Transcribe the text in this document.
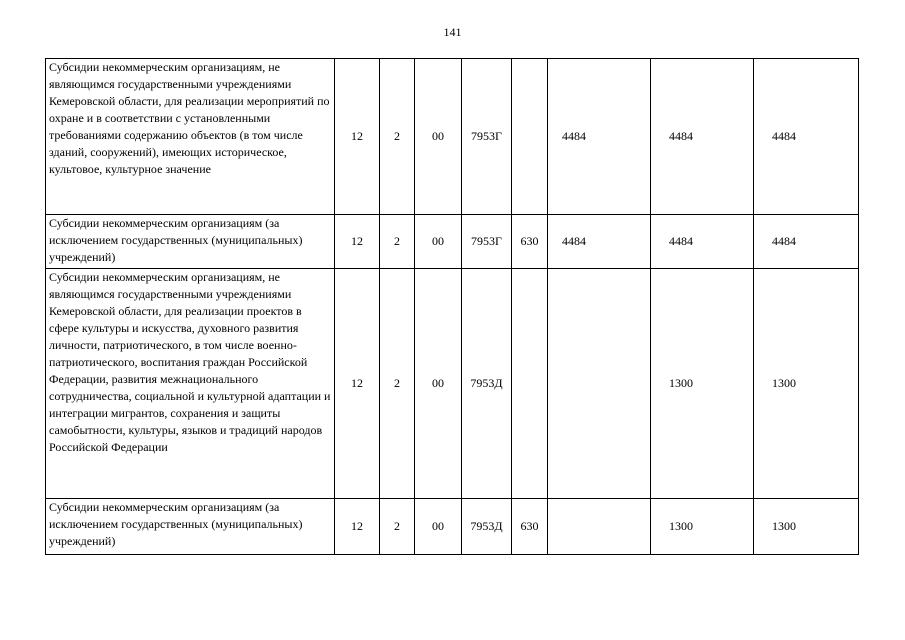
141
Субсидии некоммерческим организациям, не являющимся государственными учреждениями Кемеровской области, для реализации мероприятий по охране и в соответствии с установленными требованиями содержанию объектов (в том числе зданий, сооружений), имеющих историческое, культовое, культурное значение	12	2	00	7953Г		4484	4484	4484
Субсидии некоммерческим организациям (за исключением государственных (муниципальных) учреждений)	12	2	00	7953Г	630	4484	4484	4484
Субсидии некоммерческим организациям, не являющимся государственными учреждениями Кемеровской области, для реализации проектов в сфере культуры и искусства, духовного развития личности, патриотического, в том числе военно-патриотического, воспитания граждан Российской Федерации, развития межнационального сотрудничества, социальной и культурной адаптации и интеграции мигрантов, сохранения и защиты самобытности, культуры, языков и традиций народов Российской Федерации	12	2	00	7953Д			1300	1300
Субсидии некоммерческим организациям (за исключением государственных (муниципальных) учреждений)	12	2	00	7953Д	630		1300	1300
